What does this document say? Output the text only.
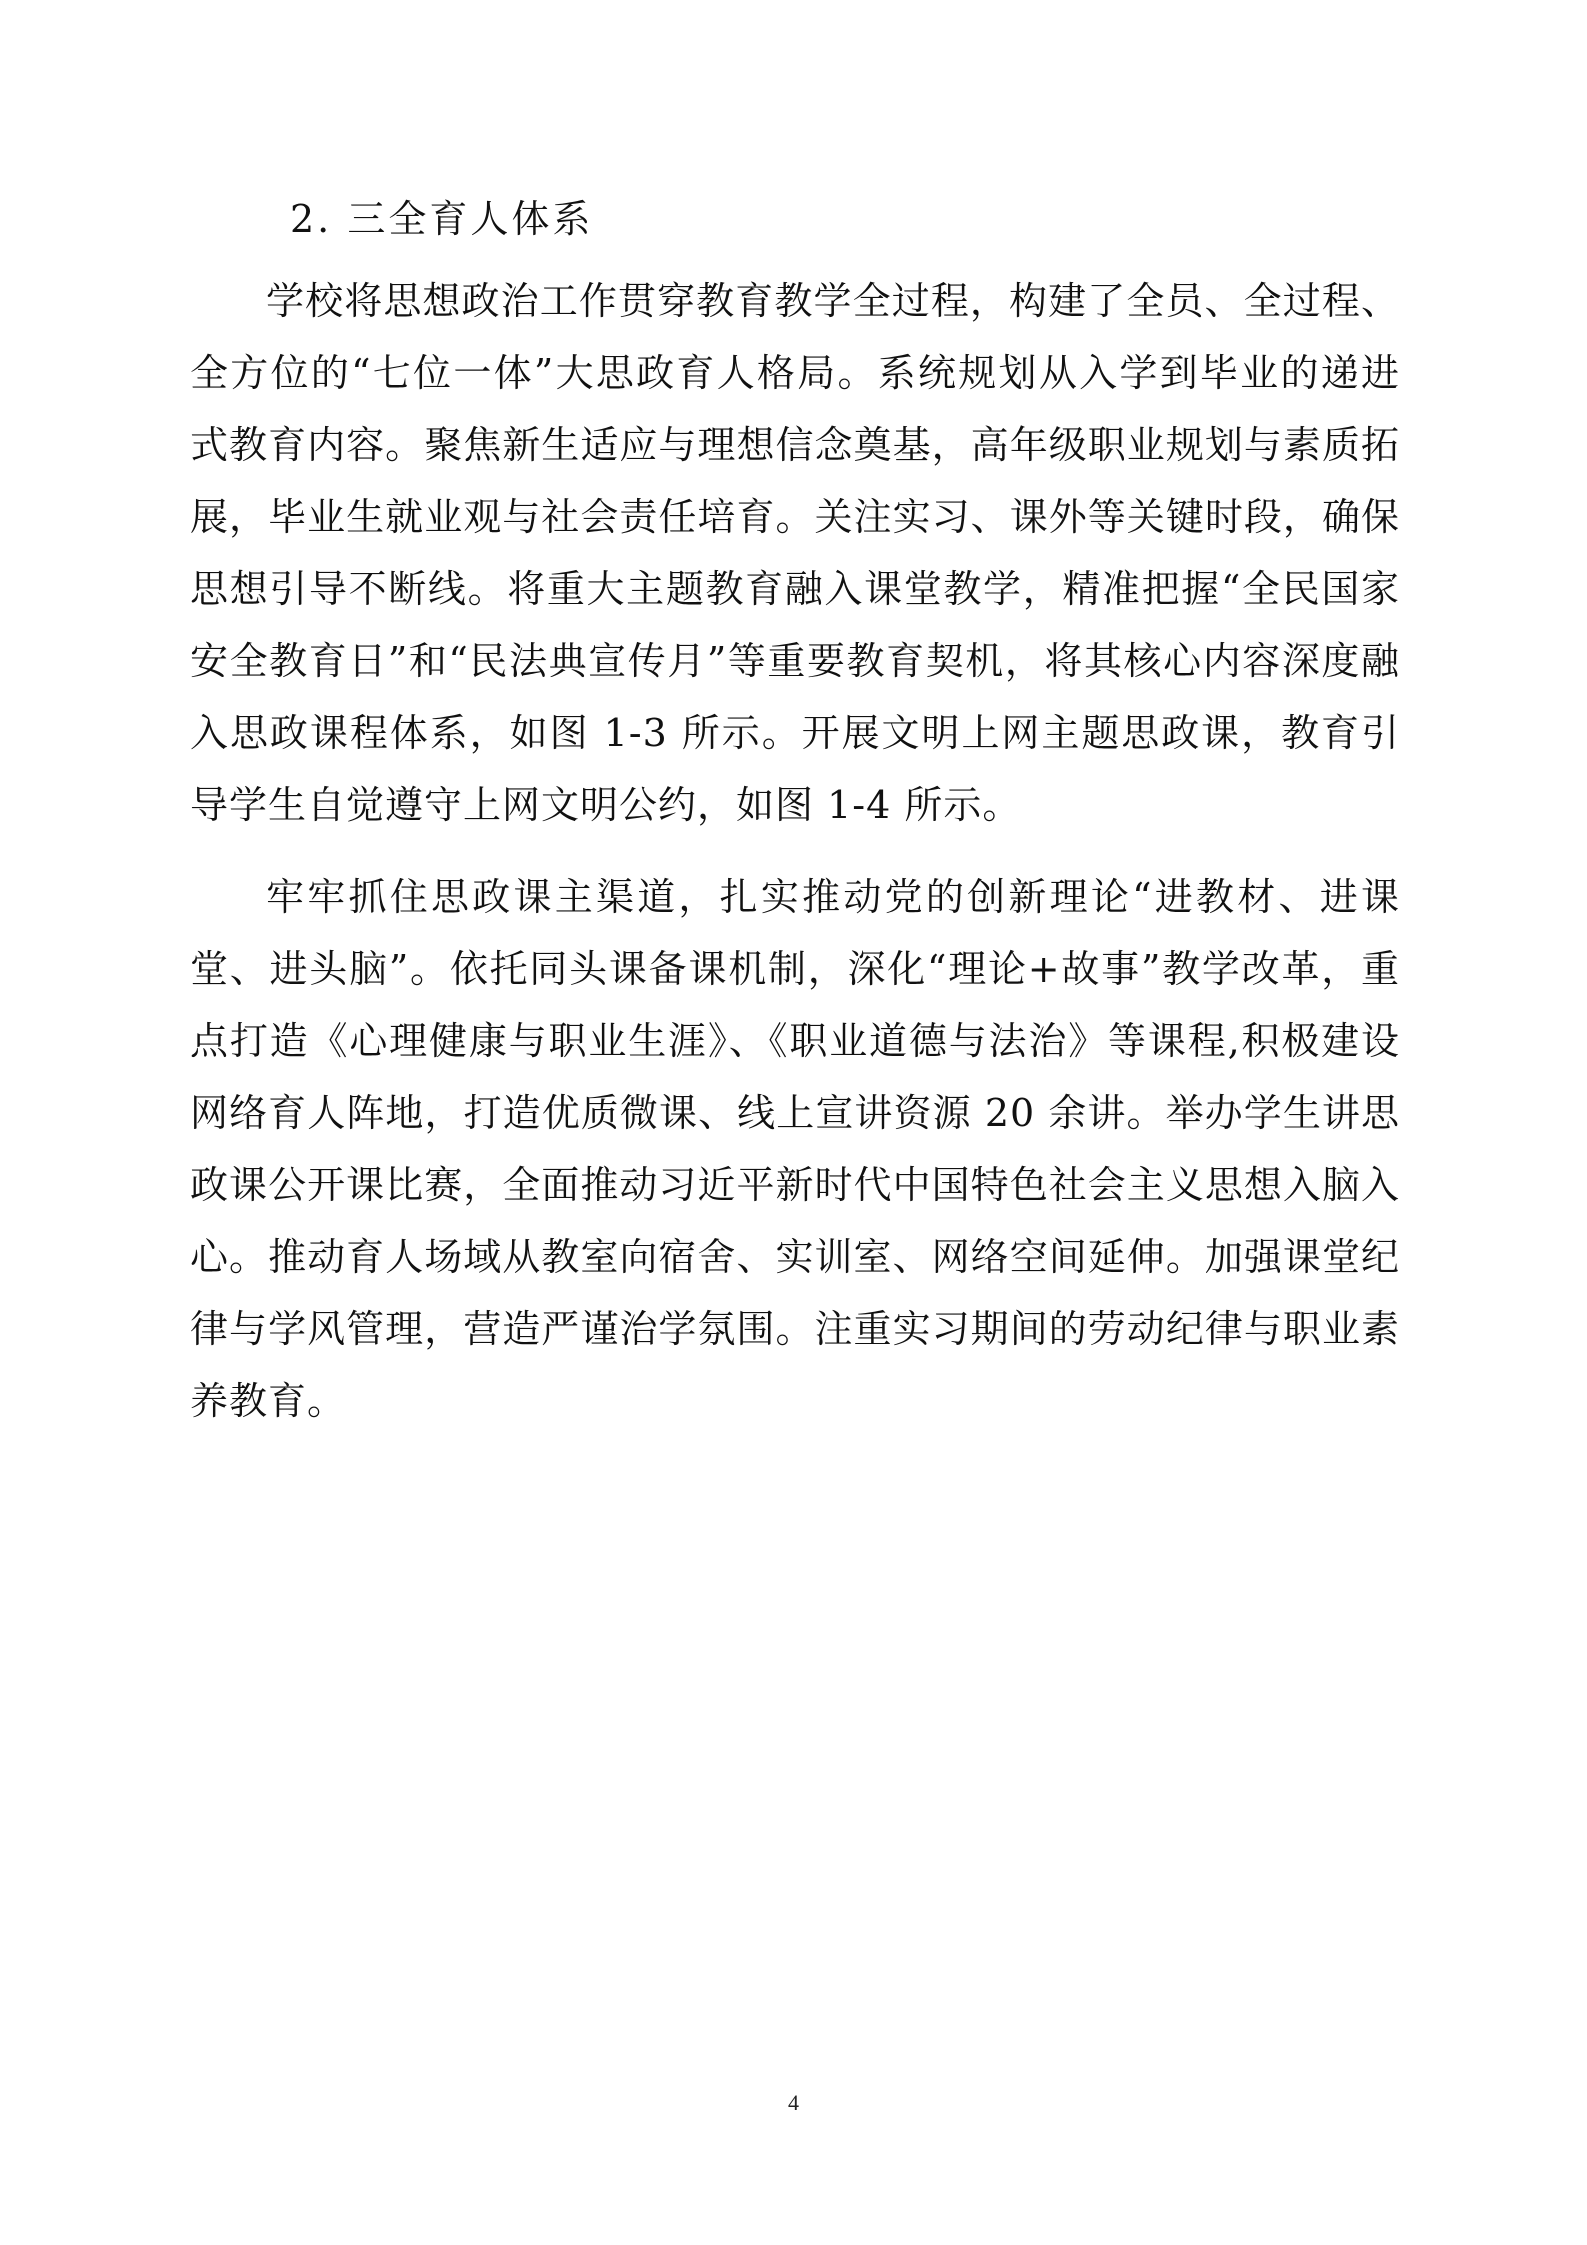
2. 三全育人体系

学校将思想政治工作贯穿教育教学全过程，构建了全员、全过程、全方位的“七位一体”大思政育人格局。系统规划从入学到毕业的递进式教育内容。聚焦新生适应与理想信念奠基，高年级职业规划与素质拓展，毕业生就业观与社会责任培育。关注实习、课外等关键时段，确保思想引导不断线。将重大主题教育融入课堂教学，精准把握“全民国家安全教育日”和“民法典宣传月”等重要教育契机，将其核心内容深度融入思政课程体系，如图 1-3 所示。开展文明上网主题思政课，教育引导学生自觉遵守上网文明公约，如图 1-4 所示。

牢牢抓住思政课主渠道，扎实推动党的创新理论“进教材、进课堂、进头脑”。依托同头课备课机制，深化“理论+故事”教学改革，重点打造《心理健康与职业生涯》、《职业道德与法治》等课程,积极建设网络育人阵地，打造优质微课、线上宣讲资源 20 余讲。举办学生讲思政课公开课比赛，全面推动习近平新时代中国特色社会主义思想入脑入心。推动育人场域从教室向宿舍、实训室、网络空间延伸。加强课堂纪律与学风管理，营造严谨治学氛围。注重实习期间的劳动纪律与职业素养教育。

4
